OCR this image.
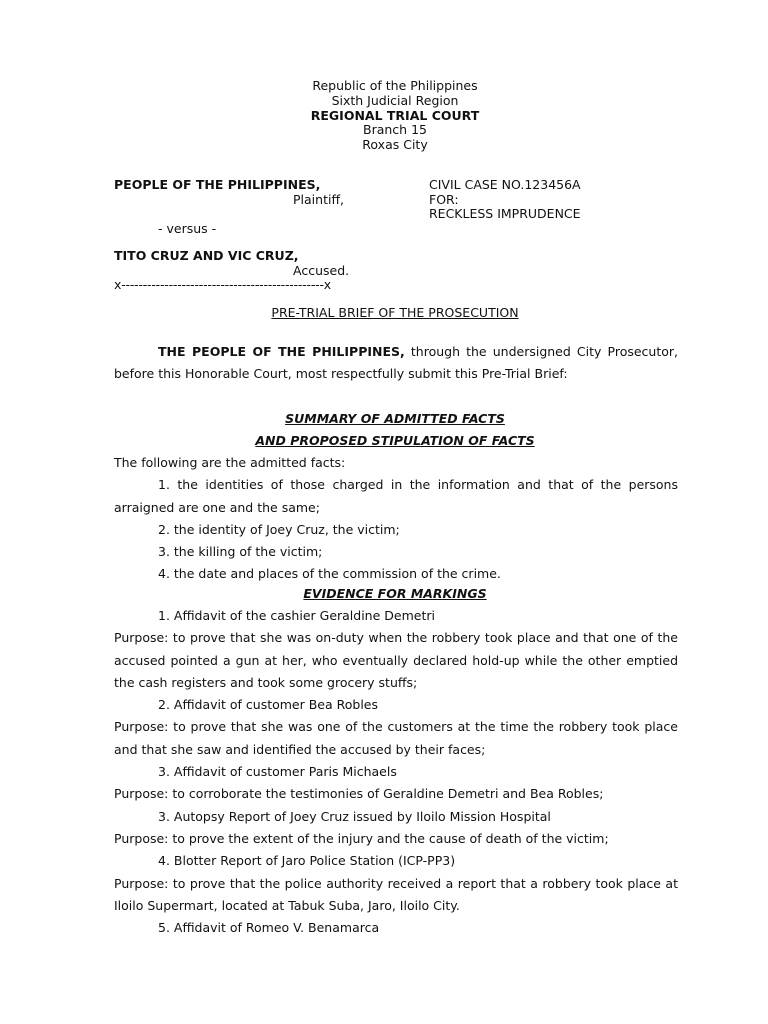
Republic of the Philippines
Sixth Judicial Region
REGIONAL TRIAL COURT
Branch 15
Roxas City
PEOPLE OF THE PHILIPPINES,
Plaintiff,
CIVIL CASE NO.123456A
FOR:
RECKLESS IMPRUDENCE
- versus -
TITO CRUZ AND VIC CRUZ,
Accused.
x-----------------------------------------------x
PRE-TRIAL BRIEF OF THE PROSECUTION
THE PEOPLE OF THE PHILIPPINES, through the undersigned City Prosecutor, before this Honorable Court, most respectfully submit this Pre-Trial Brief:
SUMMARY OF ADMITTED FACTS
AND PROPOSED STIPULATION OF FACTS
The following are the admitted facts:
1. the identities of those charged in the information and that of the persons arraigned are one and the same;
2. the identity of Joey Cruz, the victim;
3. the killing of the victim;
4. the date and places of the commission of the crime.
EVIDENCE FOR MARKINGS
1. Affidavit of the cashier Geraldine Demetri
Purpose: to prove that she was on-duty when the robbery took place and that one of the accused pointed a gun at her, who eventually declared hold-up while the other emptied the cash registers and took some grocery stuffs;
2. Affidavit of customer Bea Robles
Purpose: to prove that she was one of the customers at the time the robbery took place and that she saw and identified the accused by their faces;
3. Affidavit of customer Paris Michaels
Purpose: to corroborate the testimonies of Geraldine Demetri and Bea Robles;
3. Autopsy Report of Joey Cruz issued by Iloilo Mission Hospital
Purpose: to prove the extent of the injury and the cause of death of the victim;
4. Blotter Report of Jaro Police Station (ICP-PP3)
Purpose: to prove that the police authority received a report that a robbery took place at Iloilo Supermart, located at Tabuk Suba, Jaro, Iloilo City.
5. Affidavit of Romeo V. Benamarca
